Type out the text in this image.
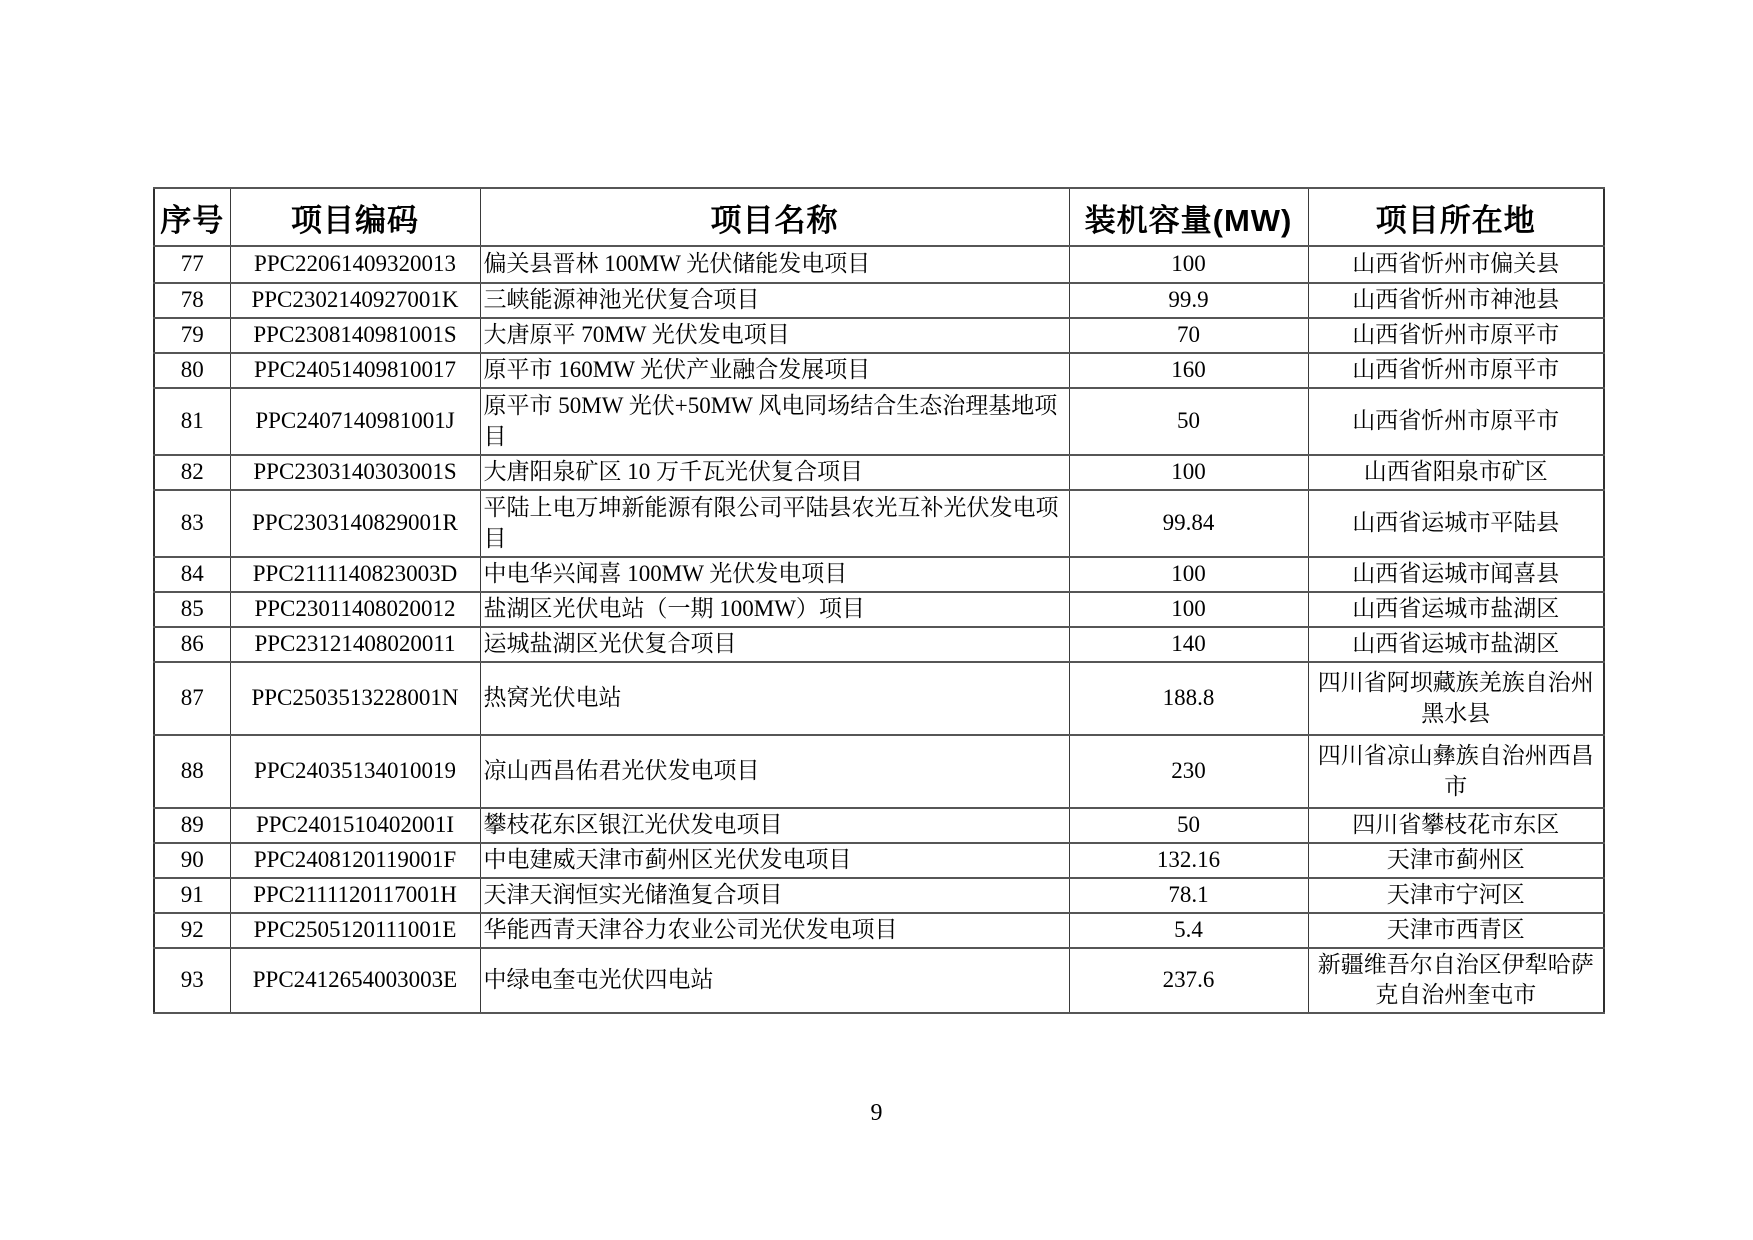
序号	项目编码	项目名称	装机容量(MW)	项目所在地
77	PPC22061409320013	偏关县晋林 100MW 光伏储能发电项目	100	山西省忻州市偏关县
78	PPC2302140927001K	三峡能源神池光伏复合项目	99.9	山西省忻州市神池县
79	PPC2308140981001S	大唐原平 70MW 光伏发电项目	70	山西省忻州市原平市
80	PPC24051409810017	原平市 160MW 光伏产业融合发展项目	160	山西省忻州市原平市
81	PPC2407140981001J	原平市 50MW 光伏+50MW 风电同场结合生态治理基地项目	50	山西省忻州市原平市
82	PPC2303140303001S	大唐阳泉矿区 10 万千瓦光伏复合项目	100	山西省阳泉市矿区
83	PPC2303140829001R	平陆上电万坤新能源有限公司平陆县农光互补光伏发电项目	99.84	山西省运城市平陆县
84	PPC2111140823003D	中电华兴闻喜 100MW 光伏发电项目	100	山西省运城市闻喜县
85	PPC23011408020012	盐湖区光伏电站（一期 100MW）项目	100	山西省运城市盐湖区
86	PPC23121408020011	运城盐湖区光伏复合项目	140	山西省运城市盐湖区
87	PPC2503513228001N	热窝光伏电站	188.8	四川省阿坝藏族羌族自治州黑水县
88	PPC24035134010019	凉山西昌佑君光伏发电项目	230	四川省凉山彝族自治州西昌市
89	PPC2401510402001I	攀枝花东区银江光伏发电项目	50	四川省攀枝花市东区
90	PPC2408120119001F	中电建威天津市蓟州区光伏发电项目	132.16	天津市蓟州区
91	PPC2111120117001H	天津天润恒实光储渔复合项目	78.1	天津市宁河区
92	PPC2505120111001E	华能西青天津谷力农业公司光伏发电项目	5.4	天津市西青区
93	PPC2412654003003E	中绿电奎屯光伏四电站	237.6	新疆维吾尔自治区伊犁哈萨克自治州奎屯市
9
